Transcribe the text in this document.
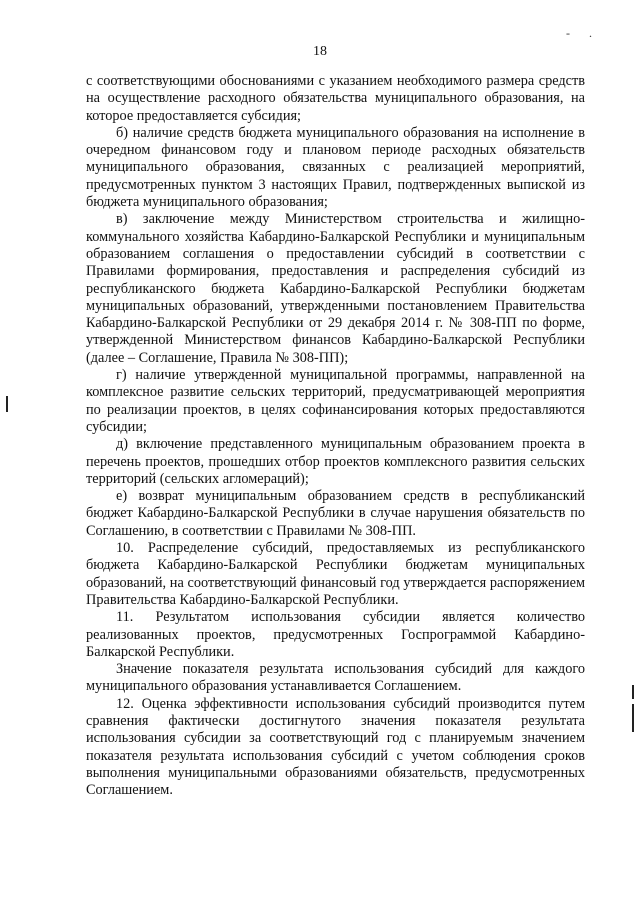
- .
18

с соответствующими обоснованиями с указанием необходимого размера средств на осуществление расходного обязательства муниципального образования, на которое предоставляется субсидия;

б) наличие средств бюджета муниципального образования на исполнение в очередном финансовом году и плановом периоде расходных обязательств муниципального образования, связанных с реализацией мероприятий, предусмотренных пунктом 3 настоящих Правил, подтвержденных выпиской из бюджета муниципального образования;

в) заключение между Министерством строительства и жилищно-коммунального хозяйства Кабардино-Балкарской Республики и муниципальным образованием соглашения о предоставлении субсидий в соответствии с Правилами формирования, предоставления и распределения субсидий из республиканского бюджета Кабардино-Балкарской Республики бюджетам муниципальных образований, утвержденными постановлением Правительства Кабардино-Балкарской Республики от 29 декабря 2014 г. № 308-ПП по форме, утвержденной Министерством финансов Кабардино-Балкарской Республики (далее – Соглашение, Правила № 308-ПП);

г) наличие утвержденной муниципальной программы, направленной на комплексное развитие сельских территорий, предусматривающей мероприятия по реализации проектов, в целях софинансирования которых предоставляются субсидии;

д) включение представленного муниципальным образованием проекта в перечень проектов, прошедших отбор проектов комплексного развития сельских территорий (сельских агломераций);

е) возврат муниципальным образованием средств в республиканский бюджет Кабардино-Балкарской Республики в случае нарушения обязательств по Соглашению, в соответствии с Правилами № 308-ПП.

10. Распределение субсидий, предоставляемых из республиканского бюджета Кабардино-Балкарской Республики бюджетам муниципальных образований, на соответствующий финансовый год утверждается распоряжением Правительства Кабардино-Балкарской Республики.

11. Результатом использования субсидии является количество реализованных проектов, предусмотренных Госпрограммой Кабардино-Балкарской Республики.

Значение показателя результата использования субсидий для каждого муниципального образования устанавливается Соглашением.

12. Оценка эффективности использования субсидий производится путем сравнения фактически достигнутого значения показателя результата использования субсидии за соответствующий год с планируемым значением показателя результата использования субсидий с учетом соблюдения сроков выполнения муниципальными образованиями обязательств, предусмотренных Соглашением.
